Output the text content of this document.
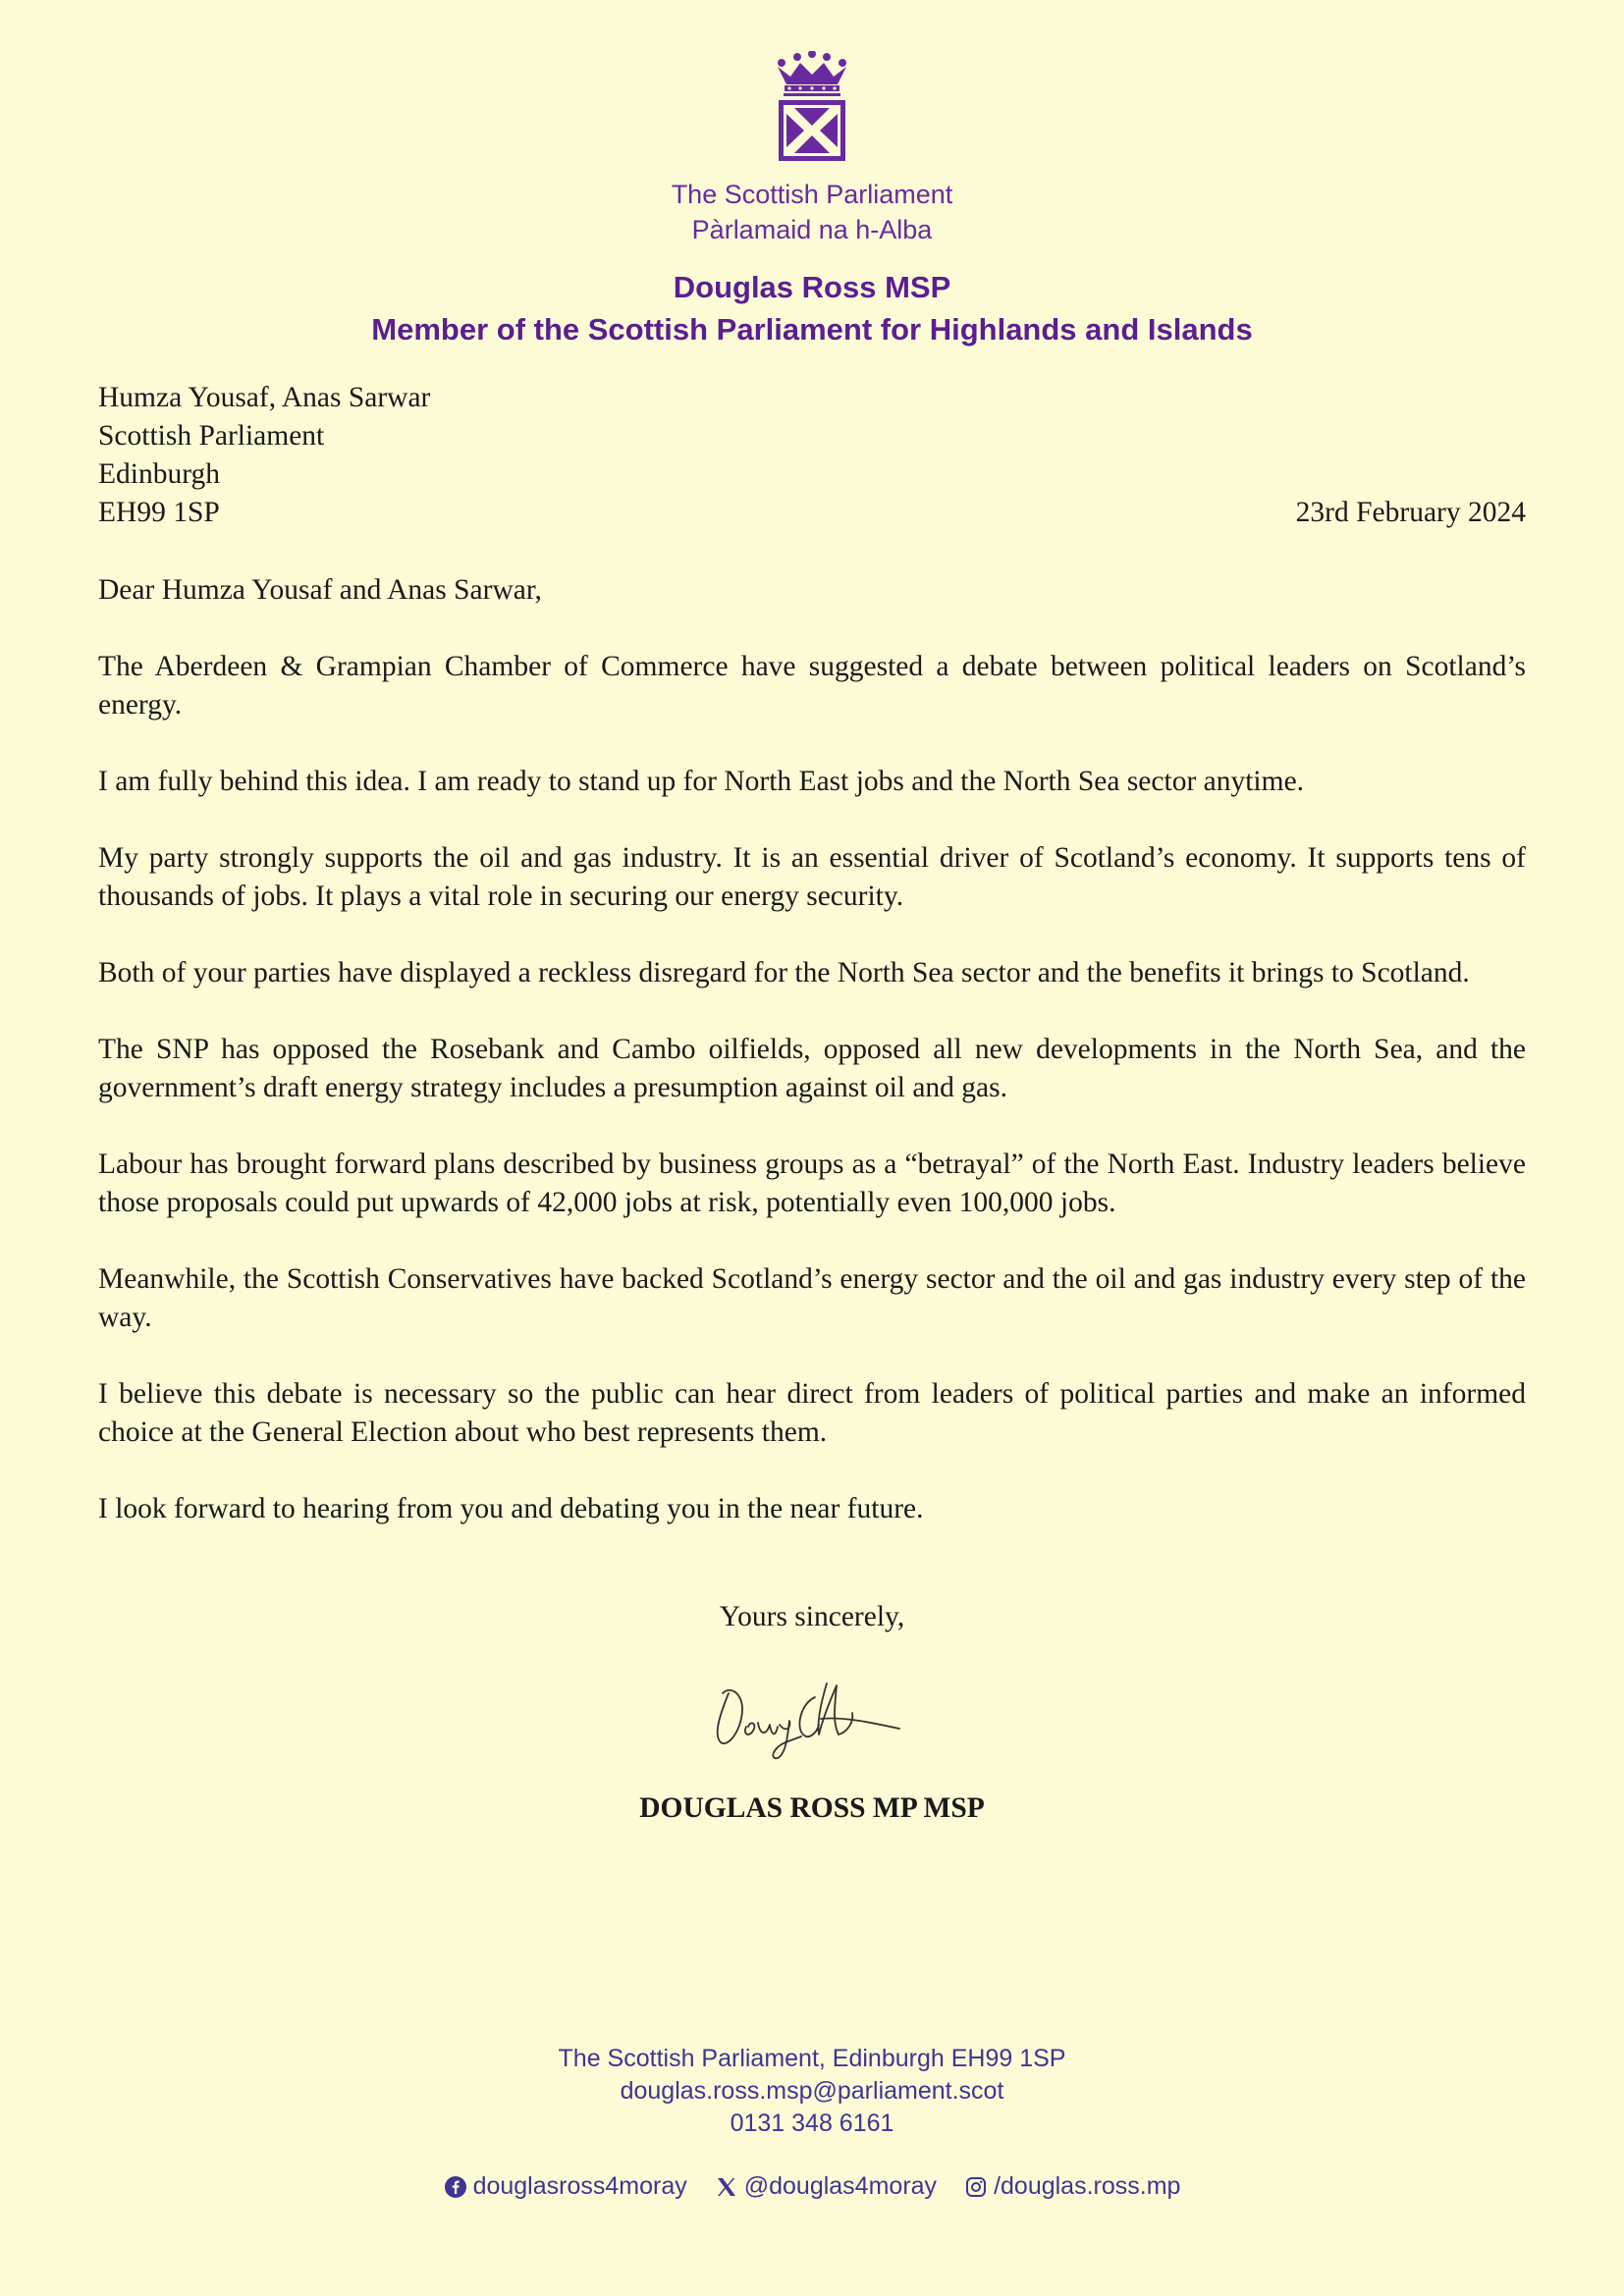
The Scottish Parliament
Pàrlamaid na h-Alba
Douglas Ross MSP
Member of the Scottish Parliament for Highlands and Islands
Humza Yousaf, Anas Sarwar
Scottish Parliament
Edinburgh
EH99 1SP	23rd February 2024

Dear Humza Yousaf and Anas Sarwar,

The Aberdeen & Grampian Chamber of Commerce have suggested a debate between political leaders on Scotland’s energy.

I am fully behind this idea. I am ready to stand up for North East jobs and the North Sea sector anytime.

My party strongly supports the oil and gas industry. It is an essential driver of Scotland’s economy. It supports tens of thousands of jobs. It plays a vital role in securing our energy security.

Both of your parties have displayed a reckless disregard for the North Sea sector and the benefits it brings to Scotland.

The SNP has opposed the Rosebank and Cambo oilfields, opposed all new developments in the North Sea, and the government’s draft energy strategy includes a presumption against oil and gas.

Labour has brought forward plans described by business groups as a “betrayal” of the North East. Industry leaders believe those proposals could put upwards of 42,000 jobs at risk, potentially even 100,000 jobs.

Meanwhile, the Scottish Conservatives have backed Scotland’s energy sector and the oil and gas industry every step of the way.

I believe this debate is necessary so the public can hear direct from leaders of political parties and make an informed choice at the General Election about who best represents them.

I look forward to hearing from you and debating you in the near future.

Yours sincerely,
DOUGLAS ROSS MP MSP
The Scottish Parliament, Edinburgh EH99 1SP
douglas.ross.msp@parliament.scot
0131 348 6161
douglasross4moray @douglas4moray /douglas.ross.mp
